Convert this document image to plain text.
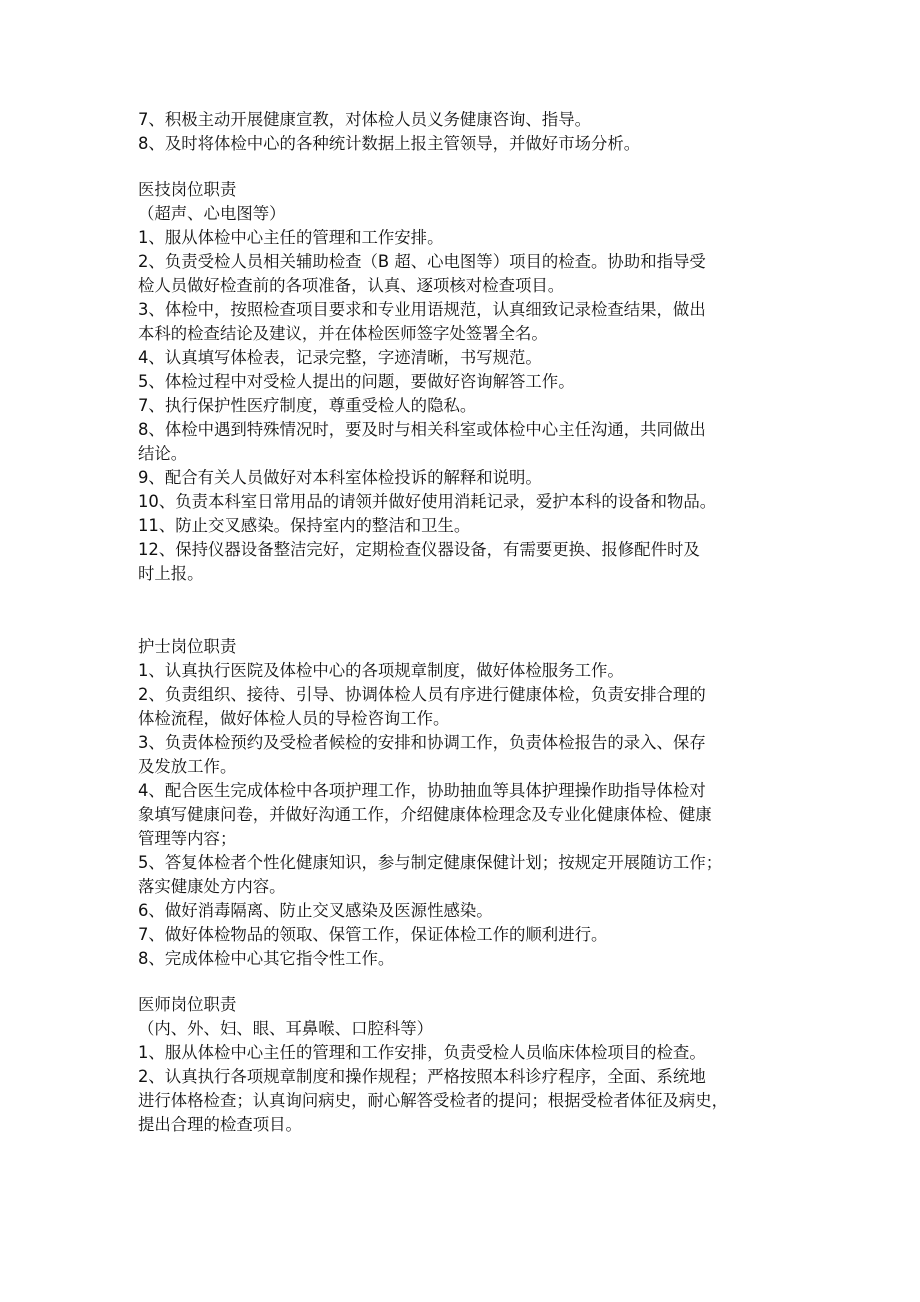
7、积极主动开展健康宣教，对体检人员义务健康咨询、指导。
8、及时将体检中心的各种统计数据上报主管领导，并做好市场分析。
医技岗位职责
（超声、心电图等）
1、服从体检中心主任的管理和工作安排。
2、负责受检人员相关辅助检查（B 超、心电图等）项目的检查。协助和指导受
检人员做好检查前的各项准备，认真、逐项核对检查项目。
3、体检中，按照检查项目要求和专业用语规范，认真细致记录检查结果，做出
本科的检查结论及建议，并在体检医师签字处签署全名。
4、认真填写体检表，记录完整，字迹清晰，书写规范。
5、体检过程中对受检人提出的问题，要做好咨询解答工作。
7、执行保护性医疗制度，尊重受检人的隐私。
8、体检中遇到特殊情况时，要及时与相关科室或体检中心主任沟通，共同做出
结论。
9、配合有关人员做好对本科室体检投诉的解释和说明。
10、负责本科室日常用品的请领并做好使用消耗记录，爱护本科的设备和物品。
11、防止交叉感染。保持室内的整洁和卫生。
12、保持仪器设备整洁完好，定期检查仪器设备，有需要更换、报修配件时及
时上报。
护士岗位职责
1、认真执行医院及体检中心的各项规章制度，做好体检服务工作。
2、负责组织、接待、引导、协调体检人员有序进行健康体检，负责安排合理的
体检流程，做好体检人员的导检咨询工作。
3、负责体检预约及受检者候检的安排和协调工作，负责体检报告的录入、保存
及发放工作。
4、配合医生完成体检中各项护理工作，协助抽血等具体护理操作助指导体检对
象填写健康问卷，并做好沟通工作，介绍健康体检理念及专业化健康体检、健康
管理等内容；
5、答复体检者个性化健康知识，参与制定健康保健计划；按规定开展随访工作；
落实健康处方内容。
6、做好消毒隔离、防止交叉感染及医源性感染。
7、做好体检物品的领取、保管工作，保证体检工作的顺利进行。
8、完成体检中心其它指令性工作。
医师岗位职责
（内、外、妇、眼、耳鼻喉、口腔科等）
1、服从体检中心主任的管理和工作安排，负责受检人员临床体检项目的检查。
2、认真执行各项规章制度和操作规程；严格按照本科诊疗程序，全面、系统地
进行体格检查；认真询问病史，耐心解答受检者的提问；根据受检者体征及病史，
提出合理的检查项目。
